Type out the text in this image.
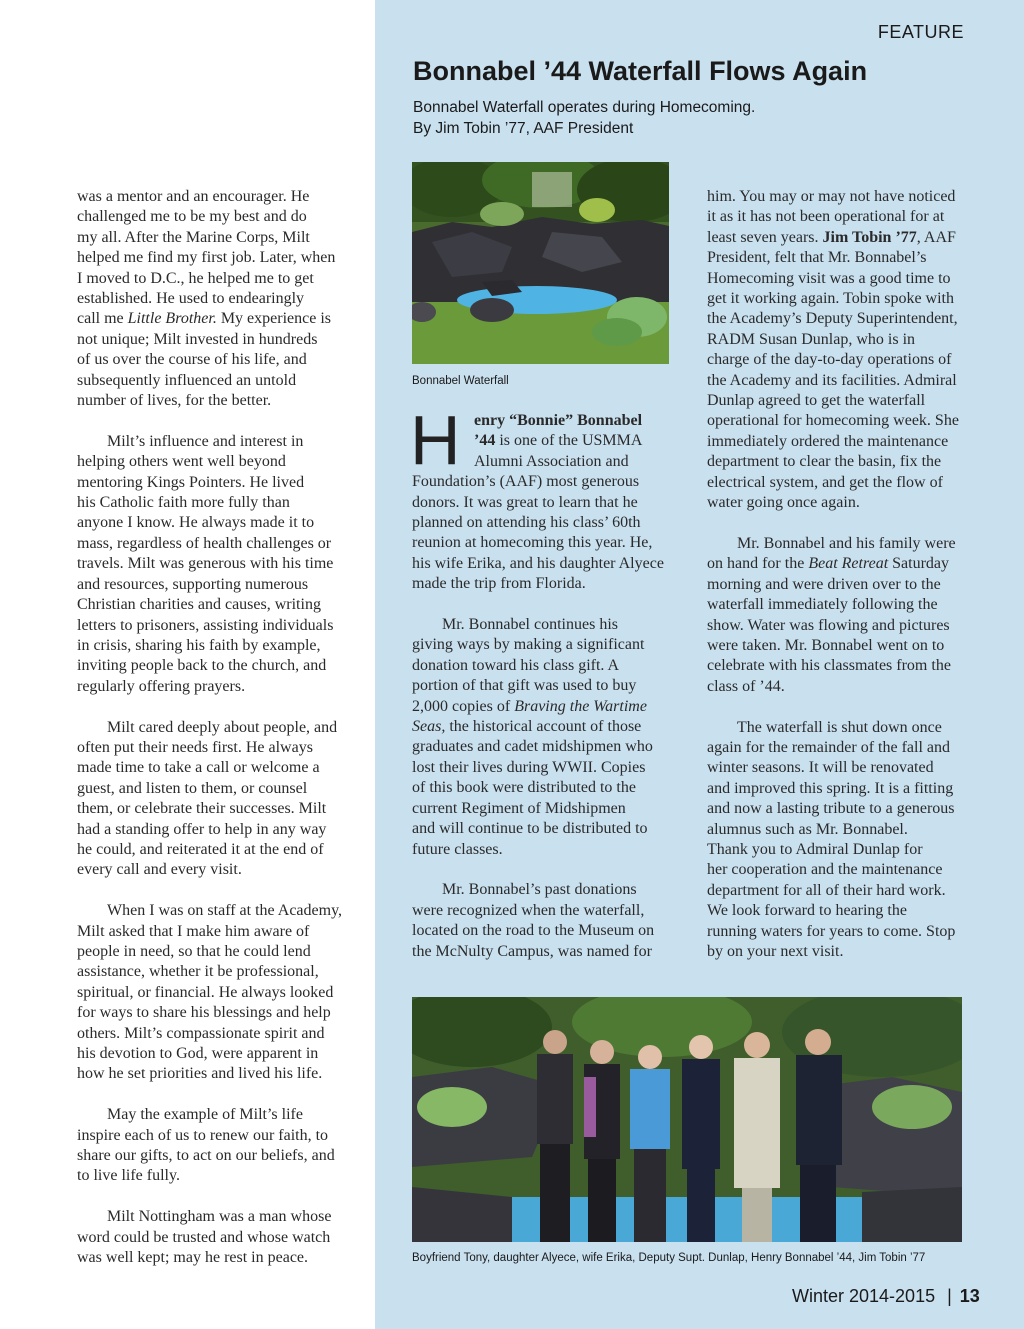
FEATURE
Bonnabel ’44 Waterfall Flows Again
Bonnabel Waterfall operates during Homecoming.
By Jim Tobin ’77, AAF President

was a mentor and an encourager. He
challenged me to be my best and do
my all. After the Marine Corps, Milt
helped me find my first job. Later, when
I moved to D.C., he helped me to get
established. He used to endearingly
call me Little Brother. My experience is
not unique; Milt invested in hundreds
of us over the course of his life, and
subsequently influenced an untold
number of lives, for the better.

Milt’s influence and interest in
helping others went well beyond
mentoring Kings Pointers. He lived
his Catholic faith more fully than
anyone I know. He always made it to
mass, regardless of health challenges or
travels. Milt was generous with his time
and resources, supporting numerous
Christian charities and causes, writing
letters to prisoners, assisting individuals
in crisis, sharing his faith by example,
inviting people back to the church, and
regularly offering prayers.

Milt cared deeply about people, and
often put their needs first. He always
made time to take a call or welcome a
guest, and listen to them, or counsel
them, or celebrate their successes. Milt
had a standing offer to help in any way
he could, and reiterated it at the end of
every call and every visit.

When I was on staff at the Academy,
Milt asked that I make him aware of
people in need, so that he could lend
assistance, whether it be professional,
spiritual, or financial. He always looked
for ways to share his blessings and help
others. Milt’s compassionate spirit and
his devotion to God, were apparent in
how he set priorities and lived his life.

May the example of Milt’s life
inspire each of us to renew our faith, to
share our gifts, to act on our beliefs, and
to live life fully.

Milt Nottingham was a man whose
word could be trusted and whose watch
was well kept; may he rest in peace.

Bonnabel Waterfall
H enry “Bonnie” Bonnabel
’44 is one of the USMMA
Alumni Association and
Foundation’s (AAF) most generous
donors. It was great to learn that he
planned on attending his class’ 60th
reunion at homecoming this year. He,
his wife Erika, and his daughter Alyece
made the trip from Florida.

Mr. Bonnabel continues his
giving ways by making a significant
donation toward his class gift. A
portion of that gift was used to buy
2,000 copies of Braving the Wartime
Seas, the historical account of those
graduates and cadet midshipmen who
lost their lives during WWII. Copies
of this book were distributed to the
current Regiment of Midshipmen
and will continue to be distributed to
future classes.

Mr. Bonnabel’s past donations
were recognized when the waterfall,
located on the road to the Museum on
the McNulty Campus, was named for

him. You may or may not have noticed
it as it has not been operational for at
least seven years. Jim Tobin ’77, AAF
President, felt that Mr. Bonnabel’s
Homecoming visit was a good time to
get it working again. Tobin spoke with
the Academy’s Deputy Superintendent,
RADM Susan Dunlap, who is in
charge of the day-to-day operations of
the Academy and its facilities. Admiral
Dunlap agreed to get the waterfall
operational for homecoming week. She
immediately ordered the maintenance
department to clear the basin, fix the
electrical system, and get the flow of
water going once again.

Mr. Bonnabel and his family were
on hand for the Beat Retreat Saturday
morning and were driven over to the
waterfall immediately following the
show. Water was flowing and pictures
were taken. Mr. Bonnabel went on to
celebrate with his classmates from the
class of ’44.

The waterfall is shut down once
again for the remainder of the fall and
winter seasons. It will be renovated
and improved this spring. It is a fitting
and now a lasting tribute to a generous
alumnus such as Mr. Bonnabel.
Thank you to Admiral Dunlap for
her cooperation and the maintenance
department for all of their hard work.
We look forward to hearing the
running waters for years to come. Stop
by on your next visit.

Boyfriend Tony, daughter Alyece, wife Erika, Deputy Supt. Dunlap, Henry Bonnabel ’44, Jim Tobin ’77
Winter 2014-2015 | 13
